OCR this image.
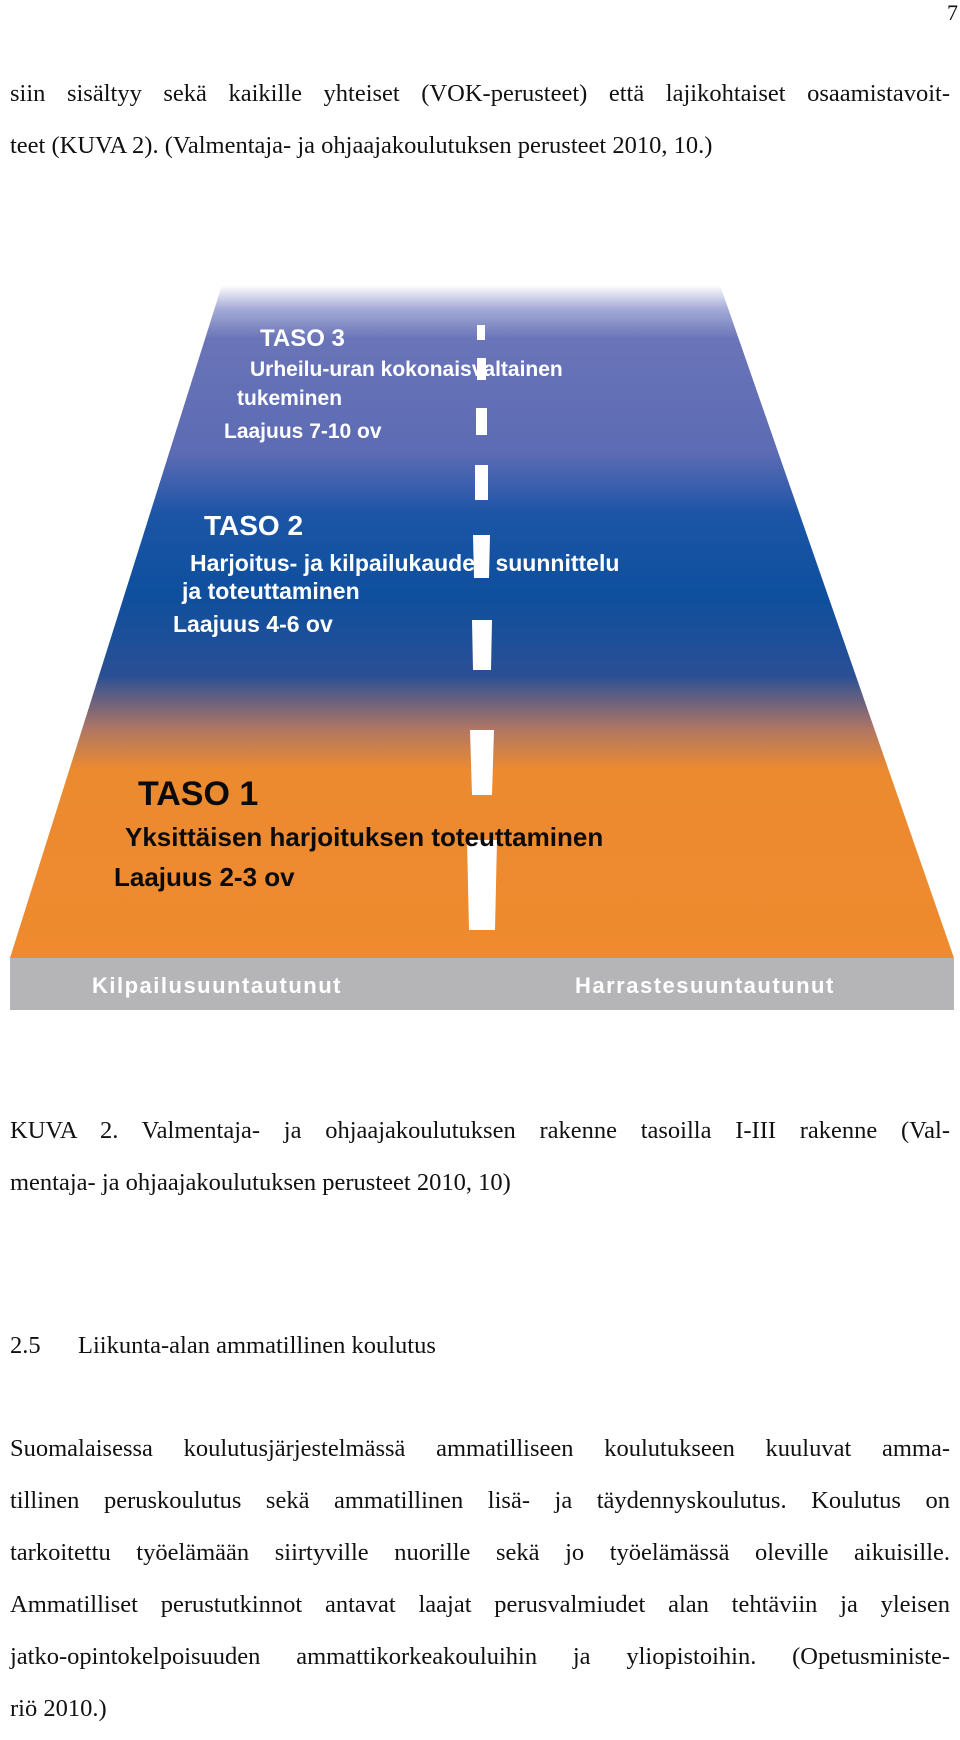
7
siin sisältyy sekä kaikille yhteiset (VOK-perusteet) että lajikohtaiset osaamistavoit-
teet (KUVA 2). (Valmentaja- ja ohjaajakoulutuksen perusteet 2010, 10.)

TASO 3

Urheilu-uran kokonaisvaltainen

tukeminen

Laajuus 7-10 ov

TASO 2

Harjoitus- ja kilpailukauden suunnittelu

ja toteuttaminen

Laajuus 4-6 ov

TASO 1

Yksittäisen harjoituksen toteuttaminen

Laajuus 2-3 ov

Kilpailusuuntautunut	Harrastesuuntautunut

KUVA 2. Valmentaja- ja ohjaajakoulutuksen rakenne tasoilla I-III rakenne (Val-
mentaja- ja ohjaajakoulutuksen perusteet 2010, 10)
2.5 Liikunta-alan ammatillinen koulutus
Suomalaisessa koulutusjärjestelmässä ammatilliseen koulutukseen kuuluvat amma-
tillinen peruskoulutus sekä ammatillinen lisä- ja täydennyskoulutus. Koulutus on
tarkoitettu työelämään siirtyville nuorille sekä jo työelämässä oleville aikuisille.
Ammatilliset perustutkinnot antavat laajat perusvalmiudet alan tehtäviin ja yleisen
jatko-opintokelpoisuuden ammattikorkeakouluihin ja yliopistoihin. (Opetusministe-
riö 2010.)
